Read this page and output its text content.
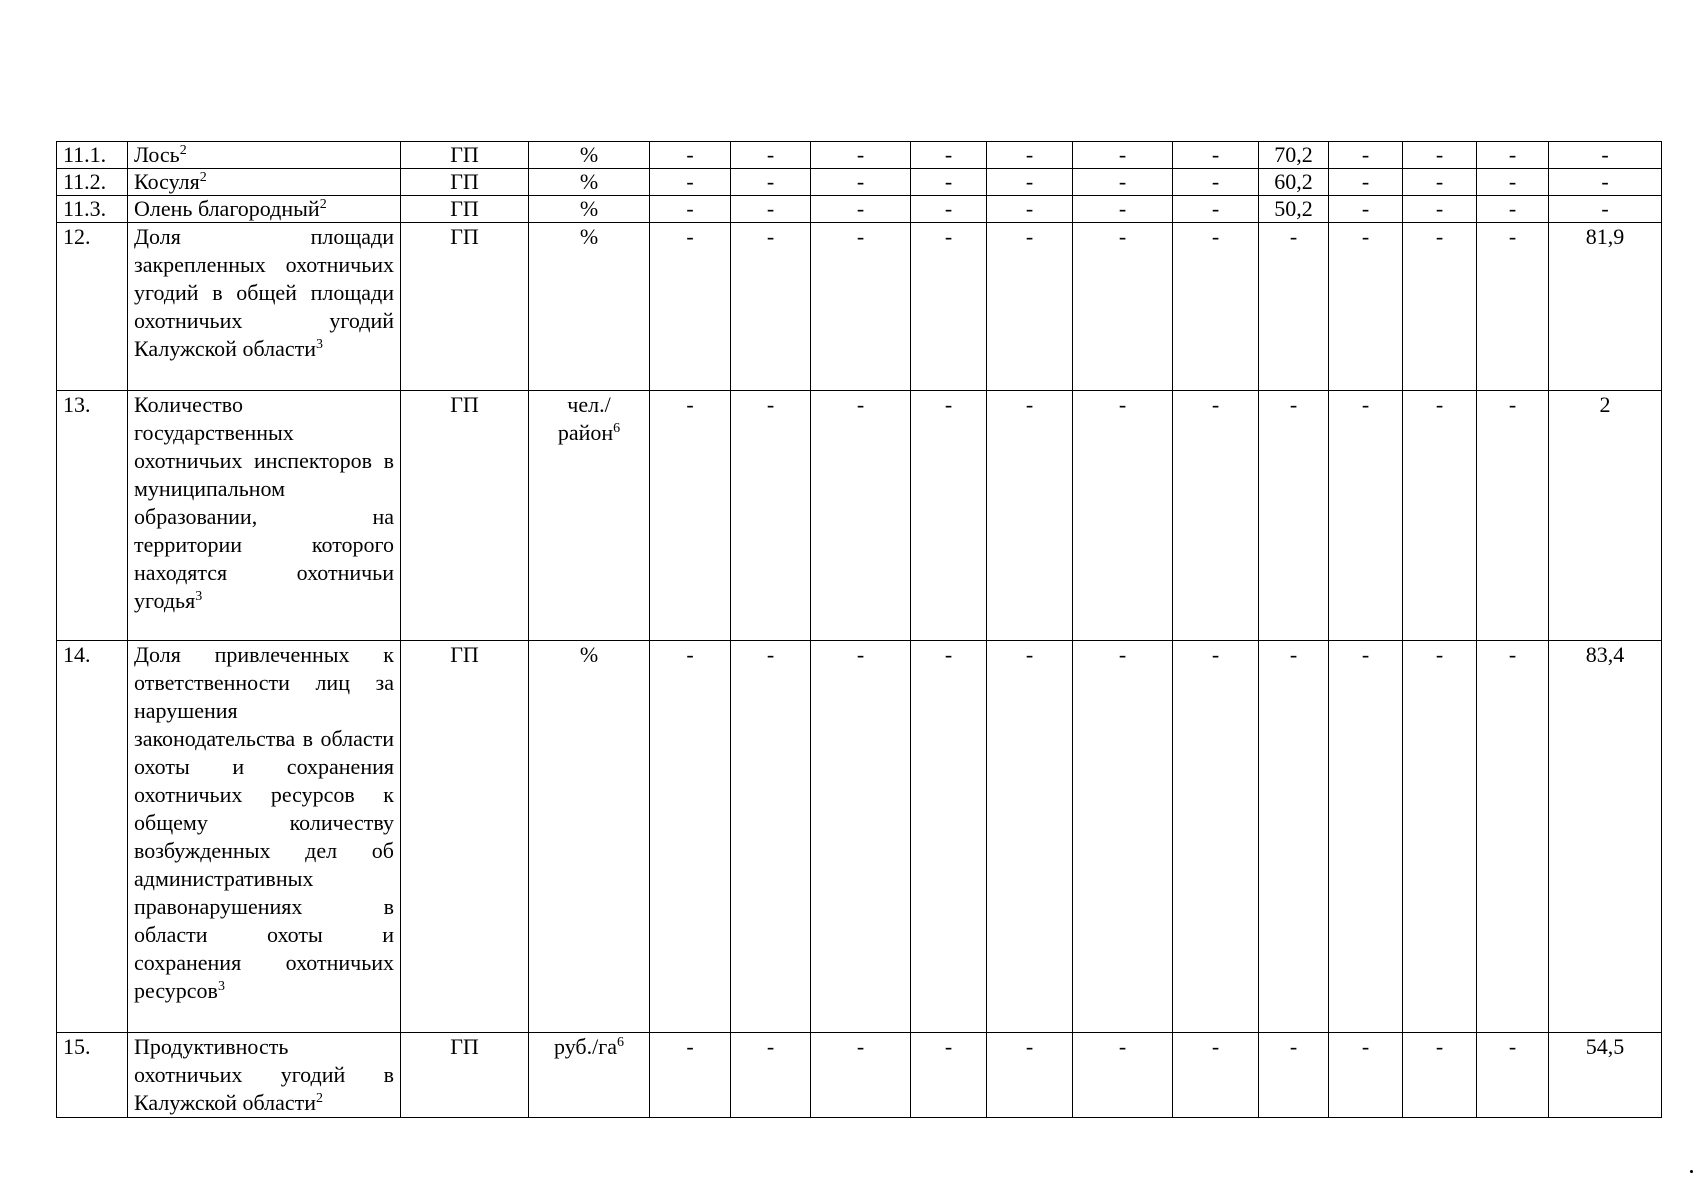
11.1.	Лось$^2$	ГП	%	-	-	-	-	-	-	-	70,2	-	-	-	-
11.2.	Косуля$^2$	ГП	%	-	-	-	-	-	-	-	60,2	-	-	-	-
11.3.	Олень благородный$^2$	ГП	%	-	-	-	-	-	-	-	50,2	-	-	-	-
12.	Доля площади закрепленных охотничьих угодий в общей площади охотничьих угодий Калужской области$^3$	ГП	%	-	-	-	-	-	-	-	-	-	-	-	81,9
13.	Количество государственных охотничьих инспекторов в муниципальном образовании, на территории которого находятся охотничьи угодья$^3$	ГП	чел./
район$^6$	-	-	-	-	-	-	-	-	-	-	-	2
14.	Доля привлеченных к ответственности лиц за нарушения законодательства в области охоты и сохранения охотничьих ресурсов к общему количеству возбужденных дел об административных правонарушениях в области охоты и сохранения охотничьих ресурсов$^3$	ГП	%	-	-	-	-	-	-	-	-	-	-	-	83,4
15.	Продуктивность охотничьих угодий в Калужской области$^2$	ГП	$руб./га^6$	-	-	-	-	-	-	-	-	-	-	-	54,5
